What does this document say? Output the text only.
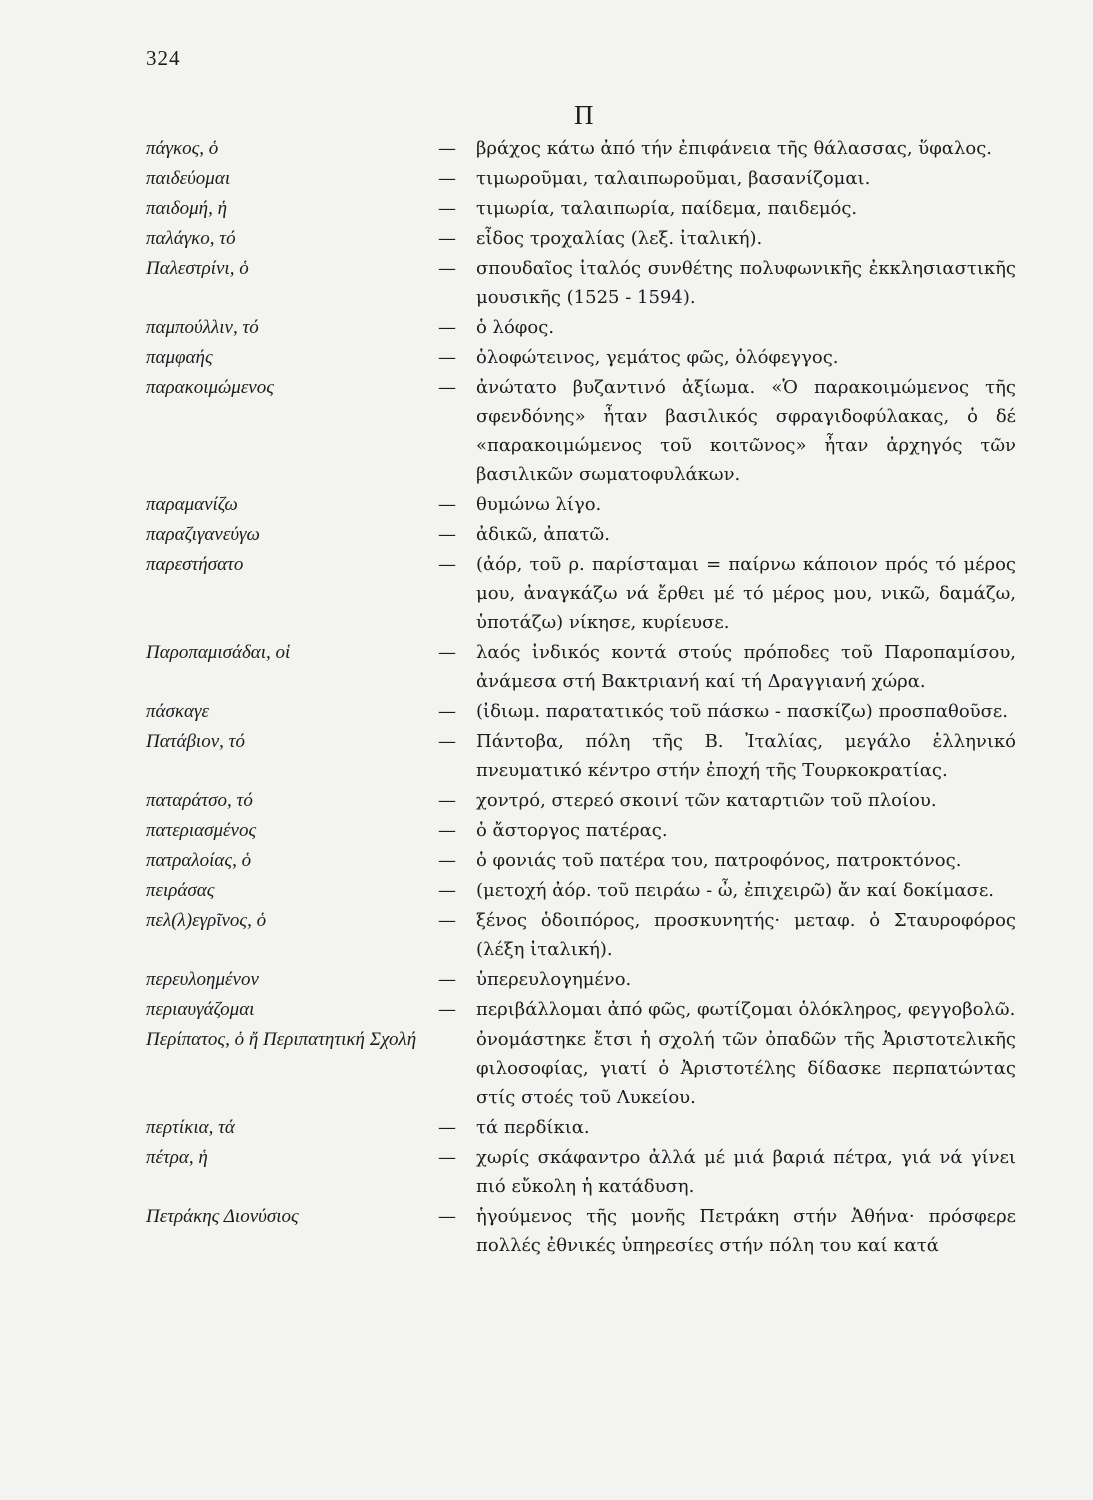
324
Π
πάγκος, ὁ	— βράχος κάτω ἀπό τήν ἐπιφάνεια τῆς θάλασσας, ὕφαλος.
παιδεύομαι	— τιμωροῦμαι, ταλαιπωροῦμαι, βασανίζομαι.
παιδομή, ἡ	— τιμωρία, ταλαιπωρία, παίδεμα, παιδεμός.
παλάγκο, τό	— εἶδος τροχαλίας (λεξ. ἰταλική).
Παλεστρίνι, ὁ	— σπουδαῖος ἰταλός συνθέτης πολυφωνικῆς ἐκκλησιαστικῆς μουσικῆς (1525 - 1594).
παμπούλλιν, τό	— ὁ λόφος.
παμφαής	— ὁλοφώτεινος, γεμάτος φῶς, ὁλόφεγγος.
παρακοιμώμενος	— ἀνώτατο βυζαντινό ἀξίωμα. «Ὁ παρακοιμώμενος τῆς σφενδόνης» ἦταν βασιλικός σφραγιδοφύλακας, ὁ δέ «παρακοιμώμενος τοῦ κοιτῶνος» ἦταν ἀρχηγός τῶν βασιλικῶν σωματοφυλάκων.
παραμανίζω	— θυμώνω λίγο.
παραζιγανεύγω	— ἀδικῶ, ἀπατῶ.
παρεστήσατο	— (ἀόρ, τοῦ ρ. παρίσταμαι = παίρνω κάποιον πρός τό μέρος μου, ἀναγκάζω νά ἔρθει μέ τό μέρος μου, νικῶ, δαμάζω, ὑποτάζω) νίκησε, κυρίευσε.
Παροπαμισάδαι, οἱ	— λαός ἰνδικός κοντά στούς πρόποδες τοῦ Παροπαμίσου, ἀνάμεσα στή Βακτριανή καί τή Δραγγιανή χώρα.
πάσκαγε	— (ἰδιωμ. παρατατικός τοῦ πάσκω - πασκίζω) προσπαθοῦσε.
Πατάβιον, τό	— Πάντοβα, πόλη τῆς Β. Ἰταλίας, μεγάλο ἑλληνικό πνευματικό κέντρο στήν ἐποχή τῆς Τουρκοκρατίας.
παταράτσο, τό	— χοντρό, στερεό σκοινί τῶν καταρτιῶν τοῦ πλοίου.
πατεριασμένος	— ὁ ἄστοργος πατέρας.
πατραλοίας, ὁ	— ὁ φονιάς τοῦ πατέρα του, πατροφόνος, πατροκτόνος.
πειράσας	— (μετοχή ἀόρ. τοῦ πειράω - ὦ, ἐπιχειρῶ) ἄν καί δοκίμασε.
πελ(λ)εγρῖνος, ὁ	— ξένος ὁδοιπόρος, προσκυνητής· μεταφ. ὁ Σταυροφόρος (λέξη ἰταλική).
περευλοημένον	— ὑπερευλογημένο.
περιαυγάζομαι	— περιβάλλομαι ἀπό φῶς, φωτίζομαι ὁλόκληρος, φεγγοβολῶ.
Περίπατος, ὁ ἤ Περιπατητική Σχολή	ὀνομάστηκε ἔτσι ἡ σχολή τῶν ὀπαδῶν τῆς Ἀριστοτελικῆς φιλοσοφίας, γιατί ὁ Ἀριστοτέλης δίδασκε περπατώντας στίς στοές τοῦ Λυκείου.
περτίκια, τά	— τά περδίκια.
πέτρα, ἡ	— χωρίς σκάφαντρο ἀλλά μέ μιά βαριά πέτρα, γιά νά γίνει πιό εὔκολη ἡ κατάδυση.
Πετράκης Διονύσιος	— ἡγούμενος τῆς μονῆς Πετράκη στήν Ἀθήνα· πρόσφερε πολλές ἐθνικές ὑπηρεσίες στήν πόλη του καί κατά
